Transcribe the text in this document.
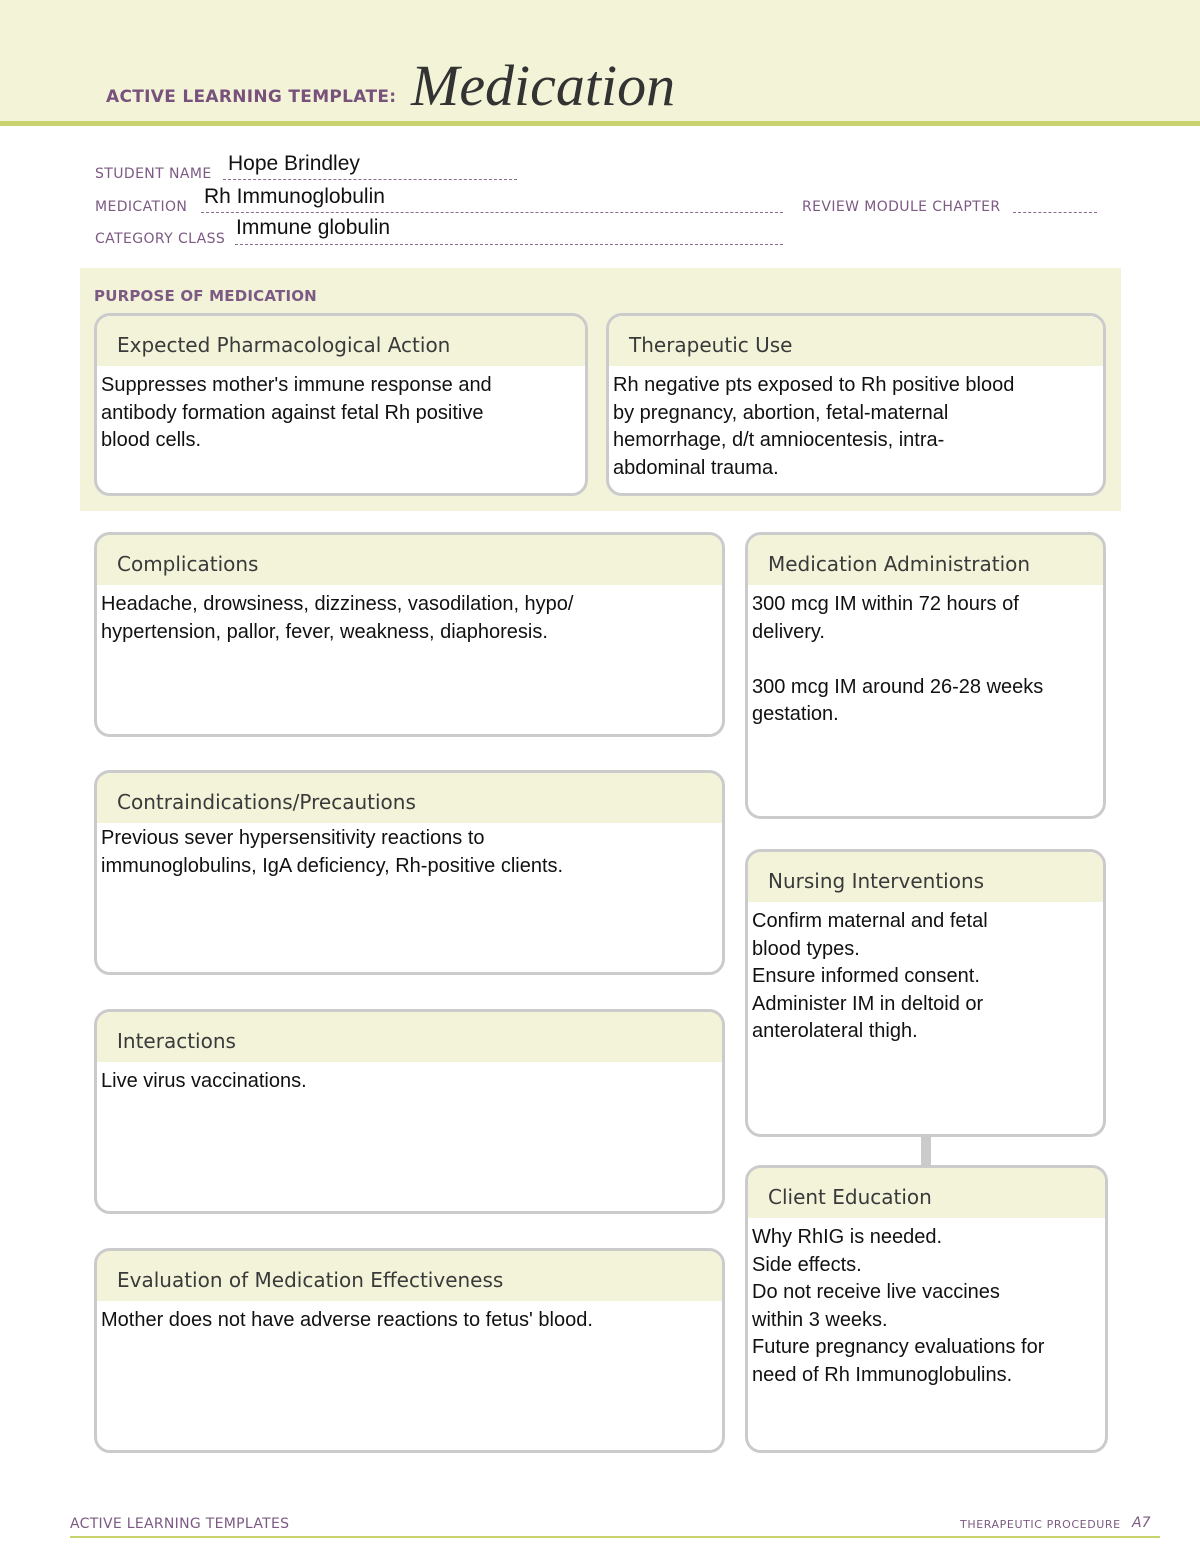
ACTIVE LEARNING TEMPLATE: Medication
STUDENT NAME Hope Brindley
MEDICATION Rh Immunoglobulin	REVIEW MODULE CHAPTER
CATEGORY CLASS Immune globulin
PURPOSE OF MEDICATION
Expected Pharmacological Action
Suppresses mother's immune response and
antibody formation against fetal Rh positive
blood cells.
Therapeutic Use
Rh negative pts exposed to Rh positive blood
by pregnancy, abortion, fetal-maternal
hemorrhage, d/t amniocentesis, intra-
abdominal trauma.
Complications
Headache, drowsiness, dizziness, vasodilation, hypo/
hypertension, pallor, fever, weakness, diaphoresis.
Contraindications/Precautions
Previous sever hypersensitivity reactions to
immunoglobulins, IgA deficiency, Rh-positive clients.
Interactions
Live virus vaccinations.
Evaluation of Medication Effectiveness
Mother does not have adverse reactions to fetus' blood.
Medication Administration
300 mcg IM within 72 hours of
delivery.

300 mcg IM around 26-28 weeks
gestation.
Nursing Interventions
Confirm maternal and fetal
blood types.
Ensure informed consent.
Administer IM in deltoid or
anterolateral thigh.
Client Education
Why RhIG is needed.
Side effects.
Do not receive live vaccines
within 3 weeks.
Future pregnancy evaluations for
need of Rh Immunoglobulins.
ACTIVE LEARNING TEMPLATES	THERAPEUTIC PROCEDURE A7
